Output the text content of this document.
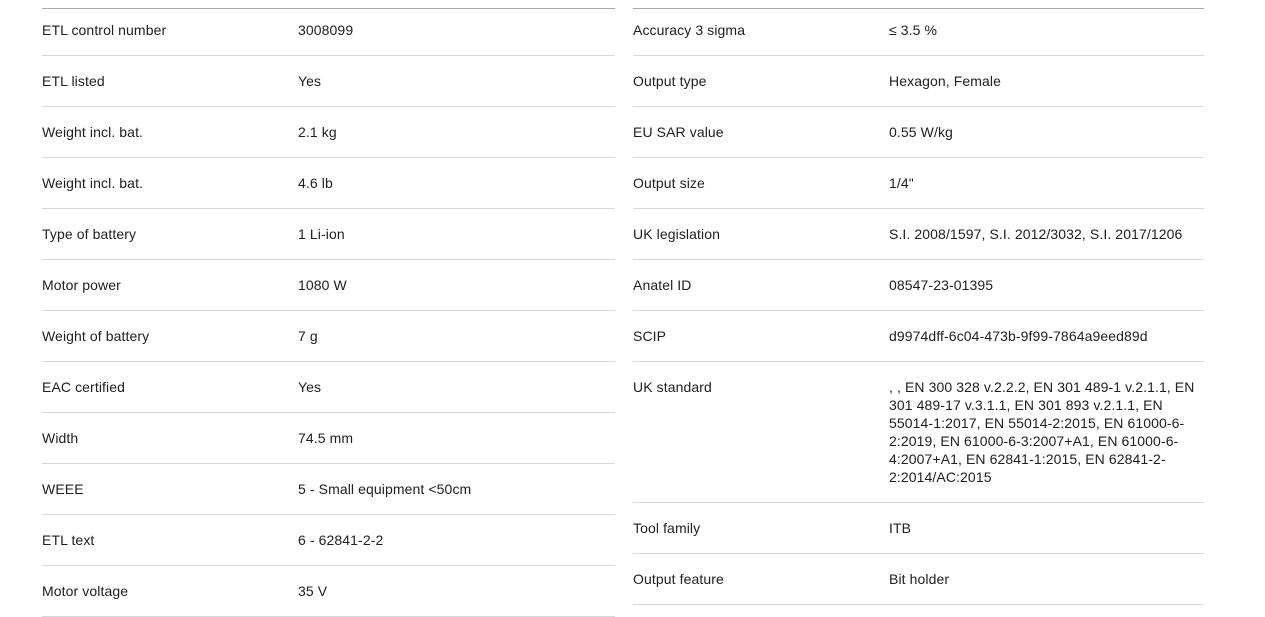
ETL control number	3008099
ETL listed	Yes
Weight incl. bat.	2.1 kg
Weight incl. bat.	4.6 lb
Type of battery	1 Li-ion
Motor power	1080 W
Weight of battery	7 g
EAC certified	Yes
Width	74.5 mm
WEEE	5 - Small equipment <50cm
ETL text	6 - 62841-2-2
Motor voltage	35 V
Accuracy 3 sigma	≤ 3.5 %
Output type	Hexagon, Female
EU SAR value	0.55 W/kg
Output size	1/4"
UK legislation	S.I. 2008/1597, S.I. 2012/3032, S.I. 2017/1206
Anatel ID	08547-23-01395
SCIP	d9974dff-6c04-473b-9f99-7864a9eed89d
UK standard	, , EN 300 328 v.2.2.2, EN 301 489-1 v.2.1.1, EN 301 489-17 v.3.1.1, EN 301 893 v.2.1.1, EN 55014-1:2017, EN 55014-2:2015, EN 61000-6-2:2019, EN 61000-6-3:2007+A1, EN 61000-6-4:2007+A1, EN 62841-1:2015, EN 62841-2-2:2014/AC:2015
Tool family	ITB
Output feature	Bit holder
